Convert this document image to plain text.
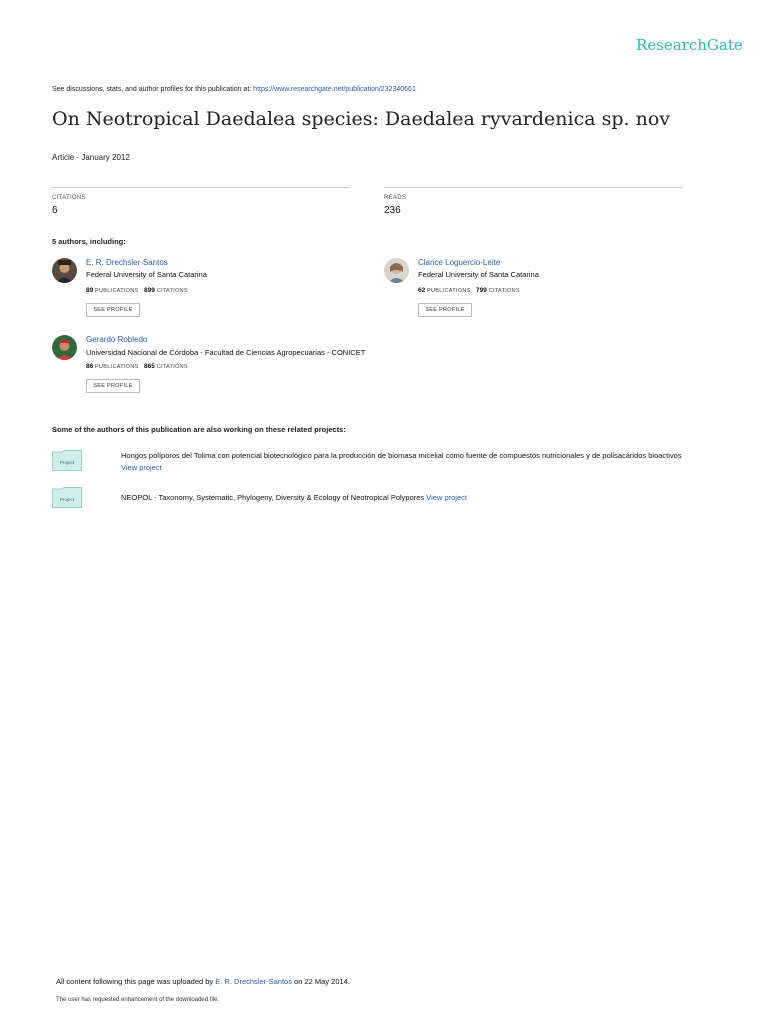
ResearchGate
See discussions, stats, and author profiles for this publication at: https://www.researchgate.net/publication/232340661
On Neotropical Daedalea species: Daedalea ryvardenica sp. nov
Article · January 2012
CITATIONS
6
READS
236
5 authors, including:
E. R. Drechsler-Santos
Federal University of Santa Catarina
89 PUBLICATIONS 899 CITATIONS
SEE PROFILE
Clarice Loguercio-Leite
Federal University of Santa Catarina
62 PUBLICATIONS 799 CITATIONS
SEE PROFILE
Gerardo Robledo
Universidad Nacional de Córdoba - Facultad de Ciencias Agropecuarias - CONICET
86 PUBLICATIONS 865 CITATIONS
SEE PROFILE
Some of the authors of this publication are also working on these related projects:
Project
Hongos políporos del Tolima con potencial biotecnológico para la producción de biomasa micelial como fuente de compuestos nutricionales y de polisacáridos bioactivos View project
Project	NEOPOL - Taxonomy, Systematic, Phylogeny, Diversity & Ecology of Neotropical Polypores View project
All content following this page was uploaded by E. R. Drechsler-Santos on 22 May 2014.
The user has requested enhancement of the downloaded file.
